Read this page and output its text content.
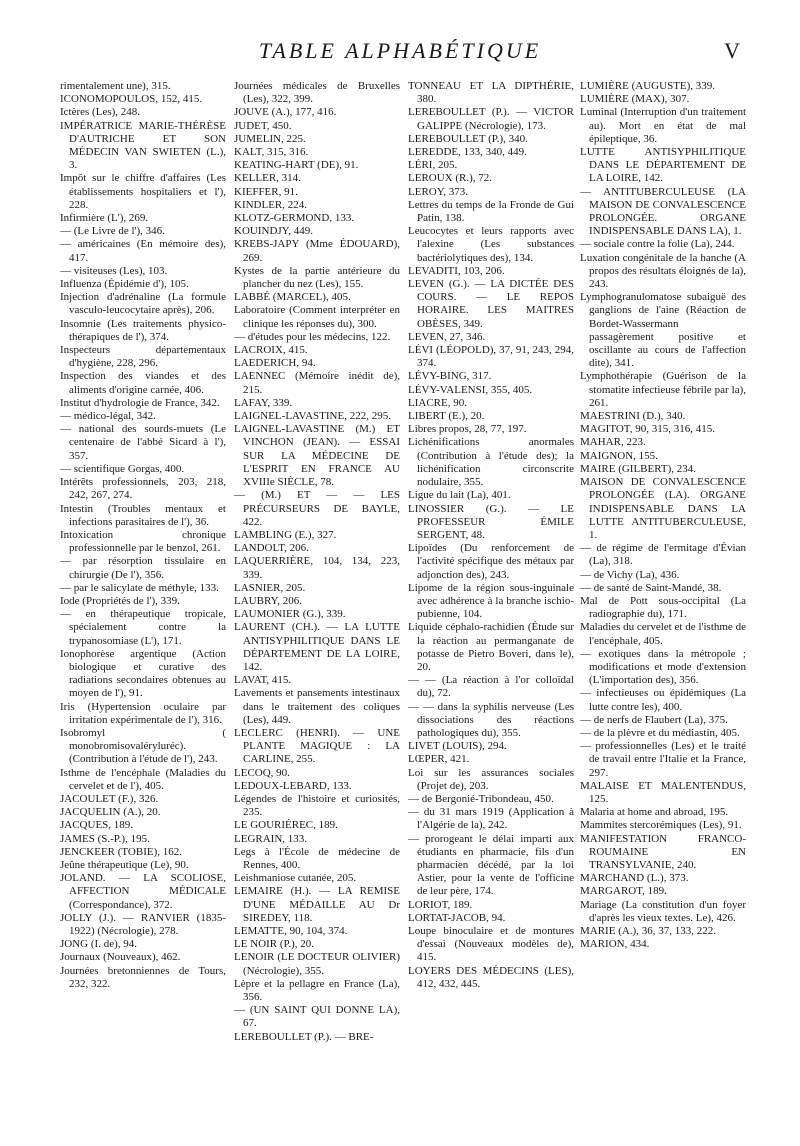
TABLE ALPHABÉTIQUE	V

rimentalement une), 315.

ICONOMOPOULOS, 152, 415.

Ictères (Les), 248.

IMPÉRATRICE MARIE-THÉRÈSE D'AUTRICHE ET SON MÉDECIN VAN SWIETEN (L.), 3.

Impôt sur le chiffre d'affaires (Les établissements hospitaliers et l'), 228.

Infirmière (L'), 269.

— (Le Livre de l'), 346.

— américaines (En mémoire des), 417.

— visiteuses (Les), 103.

Influenza (Épidémie d'), 105.

Injection d'adrénaline (La formule vasculo-leucocytaire après), 206.

Insomnie (Les traitements physico-thérapiques de l'), 374.

Inspecteurs départementaux d'hygiène, 228, 296.

Inspection des viandes et des aliments d'origine carnée, 406.

Institut d'hydrologie de France, 342.

— médico-légal, 342.

— national des sourds-muets (Le centenaire de l'abbé Sicard à l'), 357.

— scientifique Gorgas, 400.

Intérêts professionnels, 203, 218, 242, 267, 274.

Intestin (Troubles mentaux et infections parasitaires de l'), 36.

Intoxication chronique professionnelle par le benzol, 261.

— par résorption tissulaire en chirurgie (De l'), 356.

— par le salicylate de méthyle, 133.

Iode (Propriétés de l'), 339.

— en thérapeutique tropicale, spécialement contre la trypanosomiase (L'), 171.

Ionophorèse argentique (Action biologique et curative des radiations secondaires obtenues au moyen de l'), 91.

Iris (Hypertension oculaire par irritation expérimentale de l'), 316.

Isobromyl ( monobromisovaléryluréc). (Contribution à l'étude de l'), 243.

Isthme de l'encéphale (Maladies du cervelet et de l'), 405.

JACOULET (F.), 326.

JACQUELIN (A.), 20.

JACQUES, 189.

JAMES (S.-P.), 195.

JENCKEER (TOBIE), 162.

Jeûne thérapeutique (Le), 90.

JOLAND. — LA SCOLIOSE, AFFECTION MÉDICALE (Correspondance), 372.

JOLLY (J.). — RANVIER (1835-1922) (Nécrologie), 278.

JONG (I. de), 94.

Journaux (Nouveaux), 462.

Journées bretonniennes de Tours, 232, 322.

Journées médicales de Bruxelles (Les), 322, 399.

JOUVE (A.), 177, 416.

JUDET, 450.

JUMELIN, 225.

KALT, 315, 316.

KEATING-HART (DE), 91.

KELLER, 314.

KIEFFER, 91.

KINDLER, 224.

KLOTZ-GERMOND, 133.

KOUINDJY, 449.

KREBS-JAPY (Mme ÉDOUARD), 269.

Kystes de la partie antérieure du plancher du nez (Les), 155.

LABBÉ (MARCEL), 405.

Laboratoire (Comment interpréter en clinique les réponses du), 300.

— d'études pour les médecins, 122.

LACROIX, 415.

LAEDERICH, 94.

LAENNEC (Mémoire inédit de), 215.

LAFAY, 339.

LAIGNEL-LAVASTINE, 222, 295.

LAIGNEL-LAVASTINE (M.) ET VINCHON (JEAN). — ESSAI SUR LA MÉDECINE DE L'ESPRIT EN FRANCE AU XVIIIe SIÈCLE, 78.

— (M.) ET — — LES PRÉCURSEURS DE BAYLE, 422.

LAMBLING (E.), 327.

LANDOLT, 206.

LAQUERRIÈRE, 104, 134, 223, 339.

LASNIER, 205.

LAUBRY, 206.

LAUMONIER (G.), 339.

LAURENT (CH.). — LA LUTTE ANTISYPHILITIQUE DANS LE DÉPARTEMENT DE LA LOIRE, 142.

LAVAT, 415.

Lavements et pansements intestinaux dans le traitement des coliques (Les), 449.

LECLERC (HENRI). — UNE PLANTE MAGIQUE : LA CARLINE, 255.

LECOQ, 90.

LEDOUX-LEBARD, 133.

Légendes de l'histoire et curiosités, 235.

LE GOURIÉREC, 189.

LEGRAIN, 133.

Legs à l'École de médecine de Rennes, 400.

Leishmaniose cutanée, 205.

LEMAIRE (H.). — LA REMISE D'UNE MÉDAILLE AU Dr SIREDEY, 118.

LEMATTE, 90, 104, 374.

LE NOIR (P.), 20.

LENOIR (LE DOCTEUR OLIVIER) (Nécrologie), 355.

Lèpre et la pellagre en France (La), 356.

— (UN SAINT QUI DONNE LA), 67.

LEREBOULLET (P.). — BRE-

TONNEAU ET LA DIPTHÉRIE, 380.

LEREBOULLET (P.). — VICTOR GALIPPE (Nécrologie), 173.

LEREBOULLET (P.), 340.

LEREDDE, 133, 340, 449.

LÉRI, 205.

LEROUX (R.), 72.

LEROY, 373.

Lettres du temps de la Fronde de Gui Patin, 138.

Leucocytes et leurs rapports avec l'alexine (Les substances bactériolytiques des), 134.

LEVADITI, 103, 206.

LEVEN (G.). — LA DICTÉE DES COURS. — LE REPOS HORAIRE. LES MAITRES OBÈSES, 349.

LEVEN, 27, 346.

LÉVI (LÉOPOLD), 37, 91, 243, 294, 374.

LÉVY-BING, 317.

LÉVY-VALENSI, 355, 405.

LIACRE, 90.

LIBERT (E.), 20.

Libres propos, 28, 77, 197.

Lichénifications anormales (Contribution à l'étude des); la lichénification circonscrite nodulaire, 355.

Ligue du lait (La), 401.

LINOSSIER (G.). — LE PROFESSEUR ÉMILE SERGENT, 48.

Lipoïdes (Du renforcement de l'activité spécifique des métaux par adjonction des), 243.

Lipome de la région sous-inguinale avec adhérence à la branche ischio-pubienne, 104.

Liquide céphalo-rachidien (Étude sur la réaction au permanganate de potasse de Pietro Boveri, dans le), 20.

— — (La réaction à l'or colloïdal du), 72.

— — dans la syphilis nerveuse (Les dissociations des réactions pathologiques du), 355.

LIVET (LOUIS), 294.

LŒPER, 421.

Loi sur les assurances sociales (Projet de), 203.

— de Bergonié-Tribondeau, 450.

— du 31 mars 1919 (Application à l'Algérie de la), 242.

— prorogeant le délai imparti aux étudiants en pharmacie, fils d'un pharmacien décédé, par la loi Astier, pour la vente de l'officine de leur père, 174.

LORIOT, 189.

LORTAT-JACOB, 94.

Loupe binoculaire et de montures d'essai (Nouveaux modèles de), 415.

LOYERS DES MÉDECINS (LES), 412, 432, 445.

LUMIÈRE (AUGUSTE), 339.

LUMIÈRE (MAX), 307.

Luminal (Interruption d'un traitement au). Mort en état de mal épileptique, 36.

LUTTE ANTISYPHILITIQUE DANS LE DÉPARTEMENT DE LA LOIRE, 142.

— ANTITUBERCULEUSE (LA MAISON DE CONVALESCENCE PROLONGÉE. ORGANE INDISPENSABLE DANS LA), 1.

— sociale contre la folie (La), 244.

Luxation congénitale de la hanche (A propos des résultats éloignés de la), 243.

Lymphogranulomatose subaiguë des ganglions de l'aine (Réaction de Bordet-Wassermann passagèrement positive et oscillante au cours de l'affection dite), 341.

Lymphothérapie (Guérison de la stomatite infectieuse fébrile par la), 261.

MAESTRINI (D.), 340.

MAGITOT, 90, 315, 316, 415.

MAHAR, 223.

MAIGNON, 155.

MAIRE (GILBERT), 234.

MAISON DE CONVALESCENCE PROLONGÉE (LA). ORGANE INDISPENSABLE DANS LA LUTTE ANTITUBERCULEUSE, 1.

— de régime de l'ermitage d'Évian (La), 318.

— de Vichy (La), 436.

— de santé de Saint-Mandé, 38.

Mal de Pott sous-occipital (La radiographie du), 171.

Maladies du cervelet et de l'isthme de l'encéphale, 405.

— exotiques dans la métropole ; modifications et mode d'extension (L'importation des), 356.

— infectieuses ou épidémiques (La lutte contre les), 400.

— de nerfs de Flaubert (La), 375.

— de la plèvre et du médiastin, 405.

— professionnelles (Les) et le traité de travail entre l'Italie et la France, 297.

MALAISE ET MALENTENDUS, 125.

Malaria at home and abroad, 195.

Mammites stercorémiques (Les), 91.

MANIFESTATION FRANCO-ROUMAINE EN TRANSYLVANIE, 240.

MARCHAND (L.), 373.

MARGAROT, 189.

Mariage (La constitution d'un foyer d'après les vieux textes. Le), 426.

MARIE (A.), 36, 37, 133, 222.

MARION, 434.
